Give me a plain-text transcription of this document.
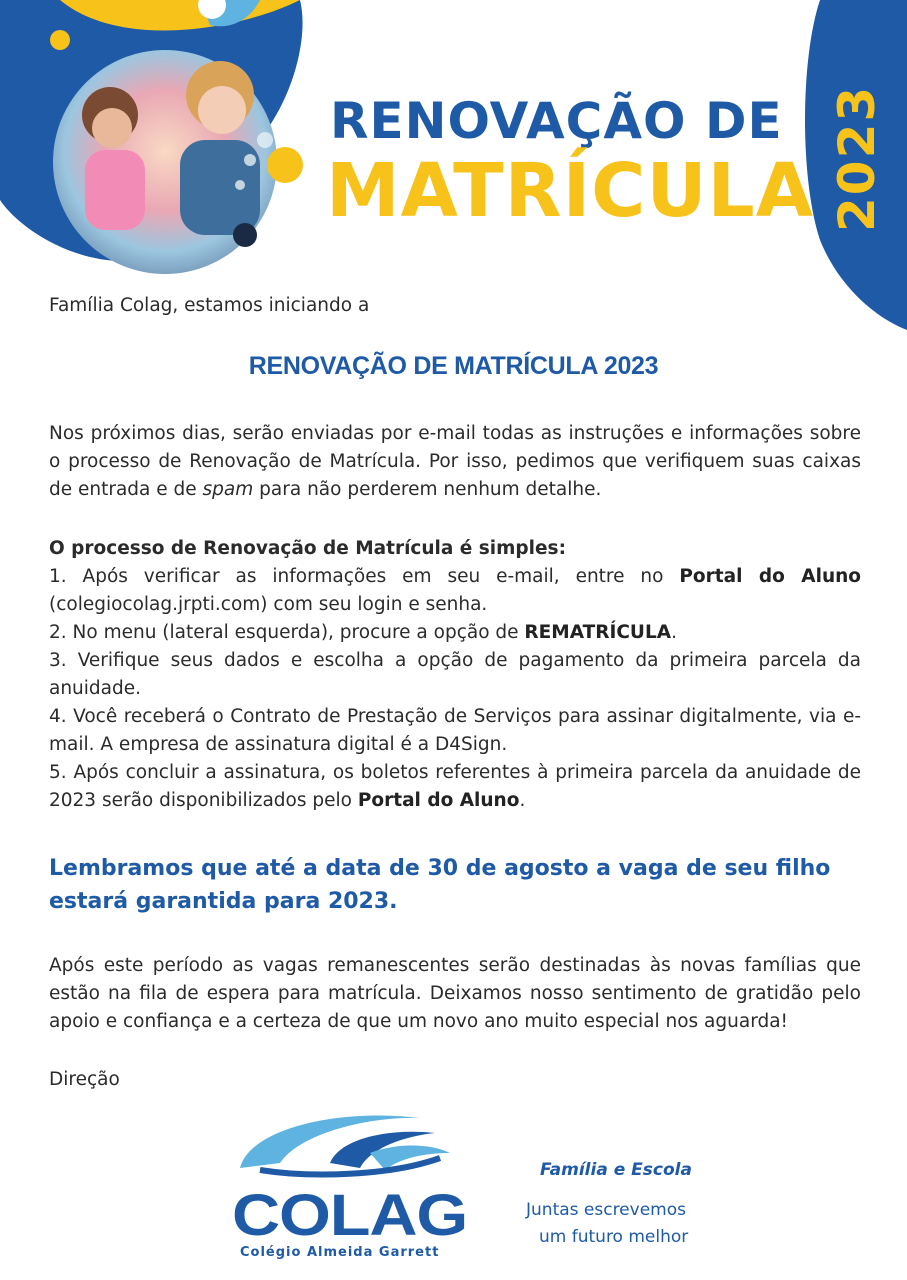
RENOVAÇÃO DE
MATRÍCULA
Família Colag, estamos iniciando a
RENOVAÇÃO DE MATRÍCULA 2023
Nos próximos dias, serão enviadas por e-mail todas as instruções e informações sobre o processo de Renovação de Matrícula. Por isso, pedimos que verifiquem suas caixas de entrada e de spam para não perderem nenhum detalhe.
O processo de Renovação de Matrícula é simples:

1. Após verificar as informações em seu e-mail, entre no Portal do Aluno (colegiocolag.jrpti.com) com seu login e senha.

2. No menu (lateral esquerda), procure a opção de REMATRÍCULA.

3. Verifique seus dados e escolha a opção de pagamento da primeira parcela da anuidade.

4. Você receberá o Contrato de Prestação de Serviços para assinar digitalmente, via e-mail. A empresa de assinatura digital é a D4Sign.

5. Após concluir a assinatura, os boletos referentes à primeira parcela da anuidade de 2023 serão disponibilizados pelo Portal do Aluno.

Lembramos que até a data de 30 de agosto a vaga de seu filho estará garantida para 2023.
Após este período as vagas remanescentes serão destinadas às novas famílias que estão na fila de espera para matrícula. Deixamos nosso sentimento de gratidão pelo apoio e confiança e a certeza de que um novo ano muito especial nos aguarda!
Direção
COLAG
Colégio Almeida Garrett
Família e Escola
Juntas escrevemos
um futuro melhor
